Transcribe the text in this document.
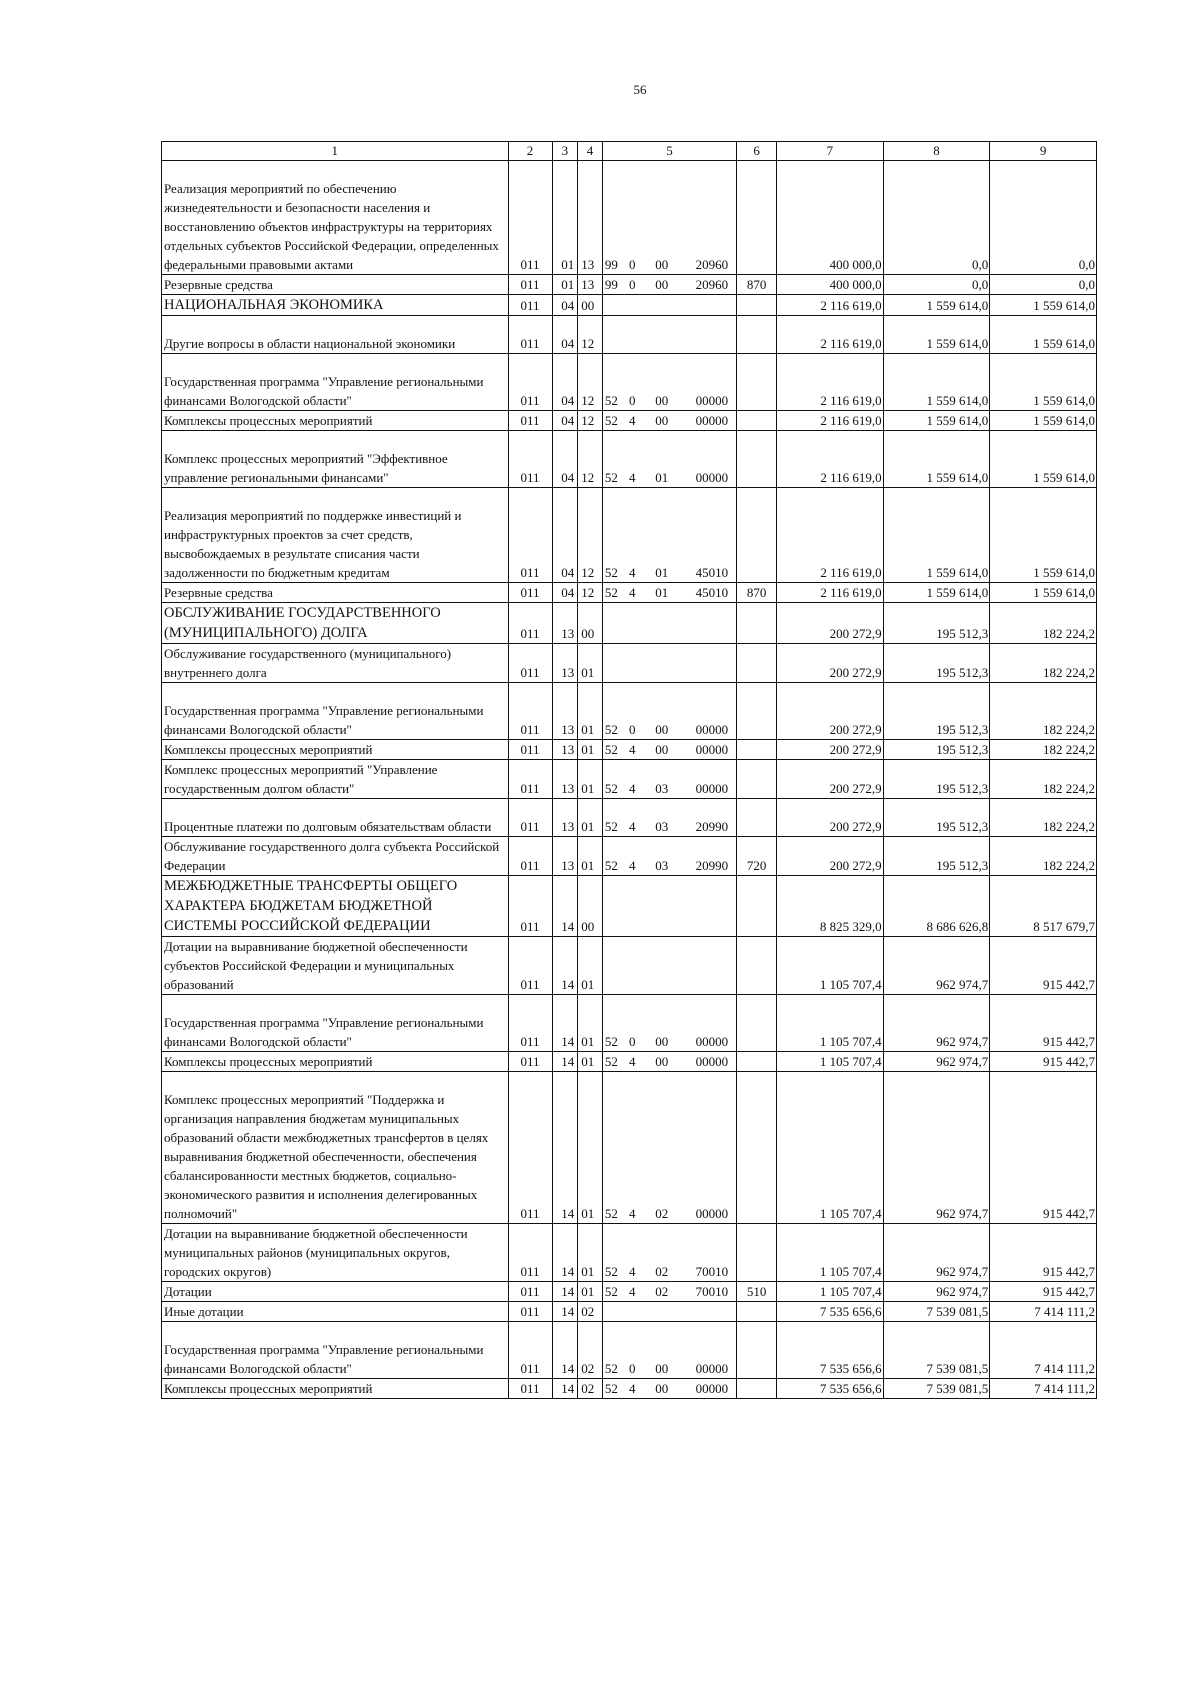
56
1	2	3	4	5				6	7	8	9
Реализация мероприятий по обеспечению жизнедеятельности и безопасности населения и восстановлению объектов инфраструктуры на территориях отдельных субъектов Российской Федерации, определенных федеральными правовыми актами	011	01	13	99	0	00	20960		400 000,0	0,0	0,0
Резервные средства	011	01	13	99	0	00	20960	870	400 000,0	0,0	0,0
НАЦИОНАЛЬНАЯ ЭКОНОМИКА	011	04	00						2 116 619,0	1 559 614,0	1 559 614,0
Другие вопросы в области национальной экономики	011	04	12						2 116 619,0	1 559 614,0	1 559 614,0
Государственная программа "Управление региональными финансами Вологодской области"	011	04	12	52	0	00	00000		2 116 619,0	1 559 614,0	1 559 614,0
Комплексы процессных мероприятий	011	04	12	52	4	00	00000		2 116 619,0	1 559 614,0	1 559 614,0
Комплекс процессных мероприятий "Эффективное управление региональными финансами"	011	04	12	52	4	01	00000		2 116 619,0	1 559 614,0	1 559 614,0
Реализация мероприятий по поддержке инвестиций и инфраструктурных проектов за счет средств, высвобождаемых в результате списания части задолженности по бюджетным кредитам	011	04	12	52	4	01	45010		2 116 619,0	1 559 614,0	1 559 614,0
Резервные средства	011	04	12	52	4	01	45010	870	2 116 619,0	1 559 614,0	1 559 614,0
ОБСЛУЖИВАНИЕ ГОСУДАРСТВЕННОГО (МУНИЦИПАЛЬНОГО) ДОЛГА	011	13	00						200 272,9	195 512,3	182 224,2
Обслуживание государственного (муниципального) внутреннего долга	011	13	01						200 272,9	195 512,3	182 224,2
Государственная программа "Управление региональными финансами Вологодской области"	011	13	01	52	0	00	00000		200 272,9	195 512,3	182 224,2
Комплексы процессных мероприятий	011	13	01	52	4	00	00000		200 272,9	195 512,3	182 224,2
Комплекс процессных мероприятий "Управление государственным долгом области"	011	13	01	52	4	03	00000		200 272,9	195 512,3	182 224,2
Процентные платежи по долговым обязательствам области	011	13	01	52	4	03	20990		200 272,9	195 512,3	182 224,2
Обслуживание государственного долга субъекта Российской Федерации	011	13	01	52	4	03	20990	720	200 272,9	195 512,3	182 224,2
МЕЖБЮДЖЕТНЫЕ ТРАНСФЕРТЫ ОБЩЕГО ХАРАКТЕРА БЮДЖЕТАМ БЮДЖЕТНОЙ СИСТЕМЫ РОССИЙСКОЙ ФЕДЕРАЦИИ	011	14	00						8 825 329,0	8 686 626,8	8 517 679,7
Дотации на выравнивание бюджетной обеспеченности субъектов Российской Федерации и муниципальных образований	011	14	01						1 105 707,4	962 974,7	915 442,7
Государственная программа "Управление региональными финансами Вологодской области"	011	14	01	52	0	00	00000		1 105 707,4	962 974,7	915 442,7
Комплексы процессных мероприятий	011	14	01	52	4	00	00000		1 105 707,4	962 974,7	915 442,7
Комплекс процессных мероприятий "Поддержка и организация направления бюджетам муниципальных образований области межбюджетных трансфертов в целях выравнивания бюджетной обеспеченности, обеспечения сбалансированности местных бюджетов, социально-экономического развития и исполнения делегированных полномочий"	011	14	01	52	4	02	00000		1 105 707,4	962 974,7	915 442,7
Дотации на выравнивание бюджетной обеспеченности муниципальных районов (муниципальных округов, городских округов)	011	14	01	52	4	02	70010		1 105 707,4	962 974,7	915 442,7
Дотации	011	14	01	52	4	02	70010	510	1 105 707,4	962 974,7	915 442,7
Иные дотации	011	14	02						7 535 656,6	7 539 081,5	7 414 111,2
Государственная программа "Управление региональными финансами Вологодской области"	011	14	02	52	0	00	00000		7 535 656,6	7 539 081,5	7 414 111,2
Комплексы процессных мероприятий	011	14	02	52	4	00	00000		7 535 656,6	7 539 081,5	7 414 111,2
